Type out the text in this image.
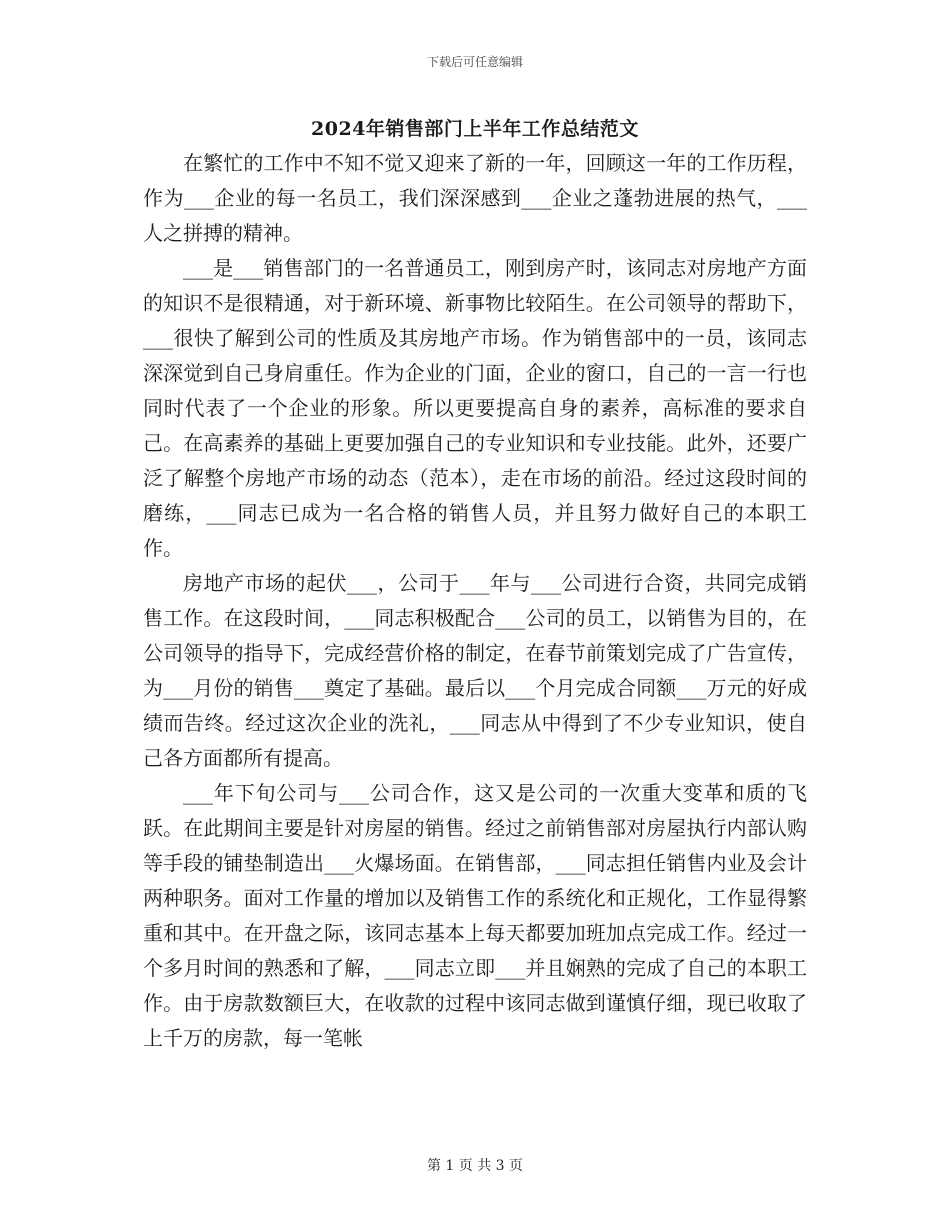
下载后可任意编辑
2024年销售部门上半年工作总结范文

在繁忙的工作中不知不觉又迎来了新的一年，回顾这一年的工作历程，作为___企业的每一名员工，我们深深感到___企业之蓬勃进展的热气，___人之拼搏的精神。

___是___销售部门的一名普通员工，刚到房产时，该同志对房地产方面的知识不是很精通，对于新环境、新事物比较陌生。在公司领导的帮助下，___很快了解到公司的性质及其房地产市场。作为销售部中的一员，该同志深深觉到自己身肩重任。作为企业的门面，企业的窗口，自己的一言一行也同时代表了一个企业的形象。所以更要提高自身的素养，高标准的要求自己。在高素养的基础上更要加强自己的专业知识和专业技能。此外，还要广泛了解整个房地产市场的动态（范本），走在市场的前沿。经过这段时间的磨练，___同志已成为一名合格的销售人员，并且努力做好自己的本职工作。

房地产市场的起伏___，公司于___年与___公司进行合资，共同完成销售工作。在这段时间，___同志积极配合___公司的员工，以销售为目的，在公司领导的指导下，完成经营价格的制定，在春节前策划完成了广告宣传，为___月份的销售___奠定了基础。最后以___个月完成合同额___万元的好成绩而告终。经过这次企业的洗礼，___同志从中得到了不少专业知识，使自己各方面都所有提高。

___年下旬公司与___公司合作，这又是公司的一次重大变革和质的飞跃。在此期间主要是针对房屋的销售。经过之前销售部对房屋执行内部认购等手段的铺垫制造出___火爆场面。在销售部，___同志担任销售内业及会计两种职务。面对工作量的增加以及销售工作的系统化和正规化，工作显得繁重和其中。在开盘之际，该同志基本上每天都要加班加点完成工作。经过一个多月时间的熟悉和了解，___同志立即___并且娴熟的完成了自己的本职工作。由于房款数额巨大，在收款的过程中该同志做到谨慎仔细，现已收取了上千万的房款，每一笔帐

第 1 页 共 3 页
